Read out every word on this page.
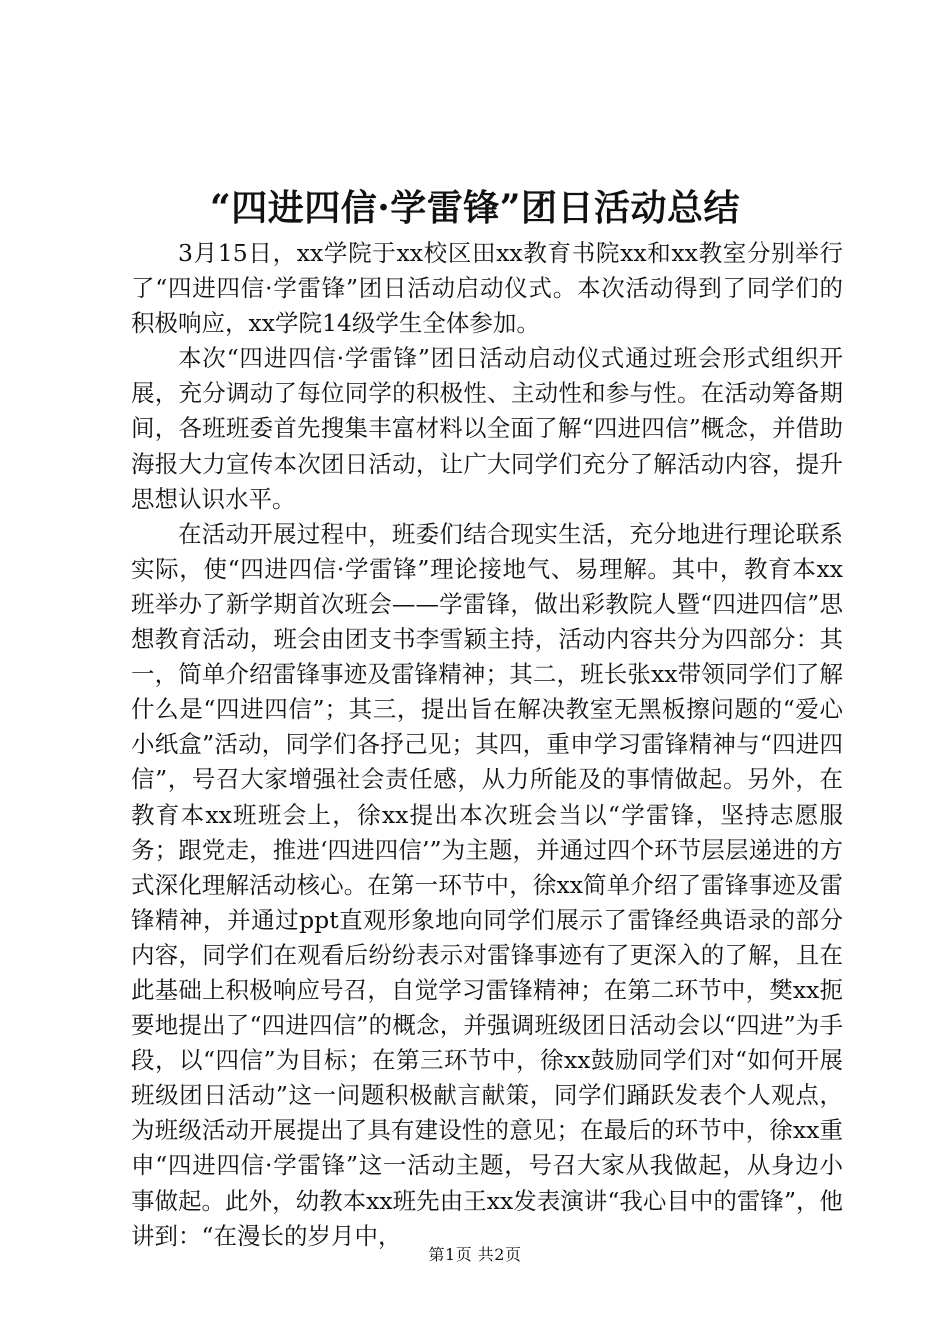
“四进四信·学雷锋”团日活动总结

3月15日，xx学院于xx校区田xx教育书院xx和xx教室分别举行了“四进四信·学雷锋”团日活动启动仪式。本次活动得到了同学们的积极响应，xx学院14级学生全体参加。

本次“四进四信·学雷锋”团日活动启动仪式通过班会形式组织开展，充分调动了每位同学的积极性、主动性和参与性。在活动筹备期间，各班班委首先搜集丰富材料以全面了解“四进四信”概念，并借助海报大力宣传本次团日活动，让广大同学们充分了解活动内容，提升思想认识水平。

在活动开展过程中，班委们结合现实生活，充分地进行理论联系实际，使“四进四信·学雷锋”理论接地气、易理解。其中，教育本xx班举办了新学期首次班会——学雷锋，做出彩教院人暨“四进四信”思想教育活动，班会由团支书李雪颖主持，活动内容共分为四部分：其一，简单介绍雷锋事迹及雷锋精神；其二，班长张xx带领同学们了解什么是“四进四信”；其三，提出旨在解决教室无黑板擦问题的“爱心小纸盒”活动，同学们各抒己见；其四，重申学习雷锋精神与“四进四信”，号召大家增强社会责任感，从力所能及的事情做起。另外，在教育本xx班班会上，徐xx提出本次班会当以“学雷锋，坚持志愿服务；跟党走，推进‘四进四信’”为主题，并通过四个环节层层递进的方式深化理解活动核心。在第一环节中，徐xx简单介绍了雷锋事迹及雷锋精神，并通过ppt直观形象地向同学们展示了雷锋经典语录的部分内容，同学们在观看后纷纷表示对雷锋事迹有了更深入的了解，且在此基础上积极响应号召，自觉学习雷锋精神；在第二环节中，樊xx扼要地提出了“四进四信”的概念，并强调班级团日活动会以“四进”为手段，以“四信”为目标；在第三环节中，徐xx鼓励同学们对“如何开展班级团日活动”这一问题积极献言献策，同学们踊跃发表个人观点，为班级活动开展提出了具有建设性的意见；在最后的环节中，徐xx重申“四进四信·学雷锋”这一活动主题，号召大家从我做起，从身边小事做起。此外，幼教本xx班先由王xx发表演讲“我心目中的雷锋”，他讲到：“在漫长的岁月中，

第1页 共2页
